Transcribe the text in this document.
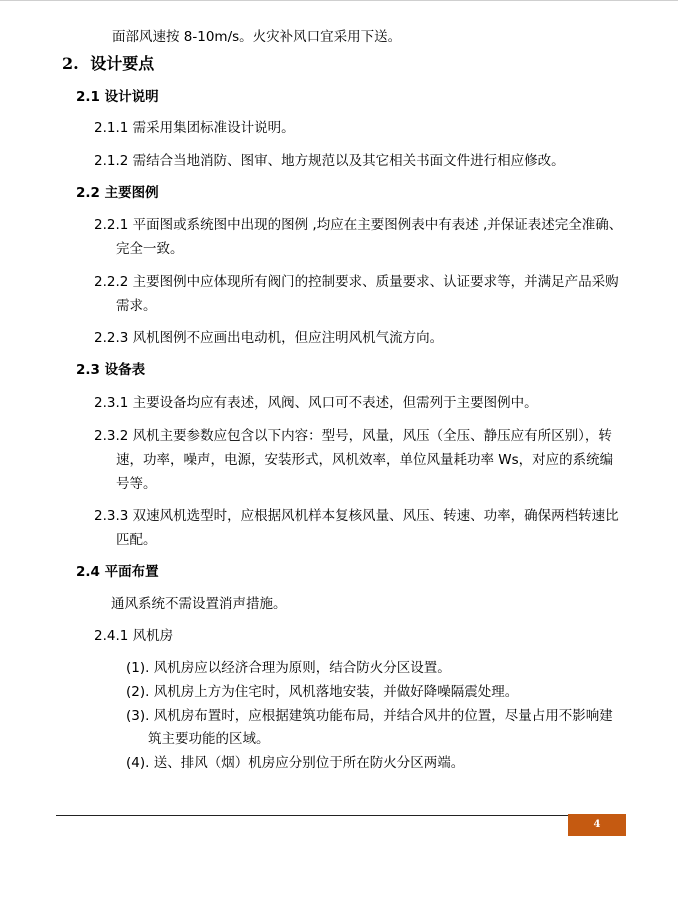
面部风速按 8-10m/s。火灾补风口宜采用下送。
2. 设计要点
2.1 设计说明
2.1.1 需采用集团标准设计说明。
2.1.2 需结合当地消防、图审、地方规范以及其它相关书面文件进行相应修改。
2.2 主要图例
2.2.1 平面图或系统图中出现的图例 ,均应在主要图例表中有表述 ,并保证表述完全准确、
完全一致。
2.2.2 主要图例中应体现所有阀门的控制要求、质量要求、认证要求等，并满足产品采购
需求。
2.2.3 风机图例不应画出电动机，但应注明风机气流方向。
2.3 设备表
2.3.1 主要设备均应有表述，风阀、风口可不表述，但需列于主要图例中。
2.3.2 风机主要参数应包含以下内容：型号，风量，风压（全压、静压应有所区别），转
速，功率，噪声，电源，安装形式，风机效率，单位风量耗功率 Ws，对应的系统编
号等。
2.3.3 双速风机选型时，应根据风机样本复核风量、风压、转速、功率，确保两档转速比
匹配。
2.4 平面布置
通风系统不需设置消声措施。
2.4.1 风机房
(1). 风机房应以经济合理为原则，结合防火分区设置。
(2). 风机房上方为住宅时，风机落地安装，并做好降噪隔震处理。
(3). 风机房布置时，应根据建筑功能布局，并结合风井的位置，尽量占用不影响建
筑主要功能的区域。
(4). 送、排风（烟）机房应分别位于所在防火分区两端。
4
